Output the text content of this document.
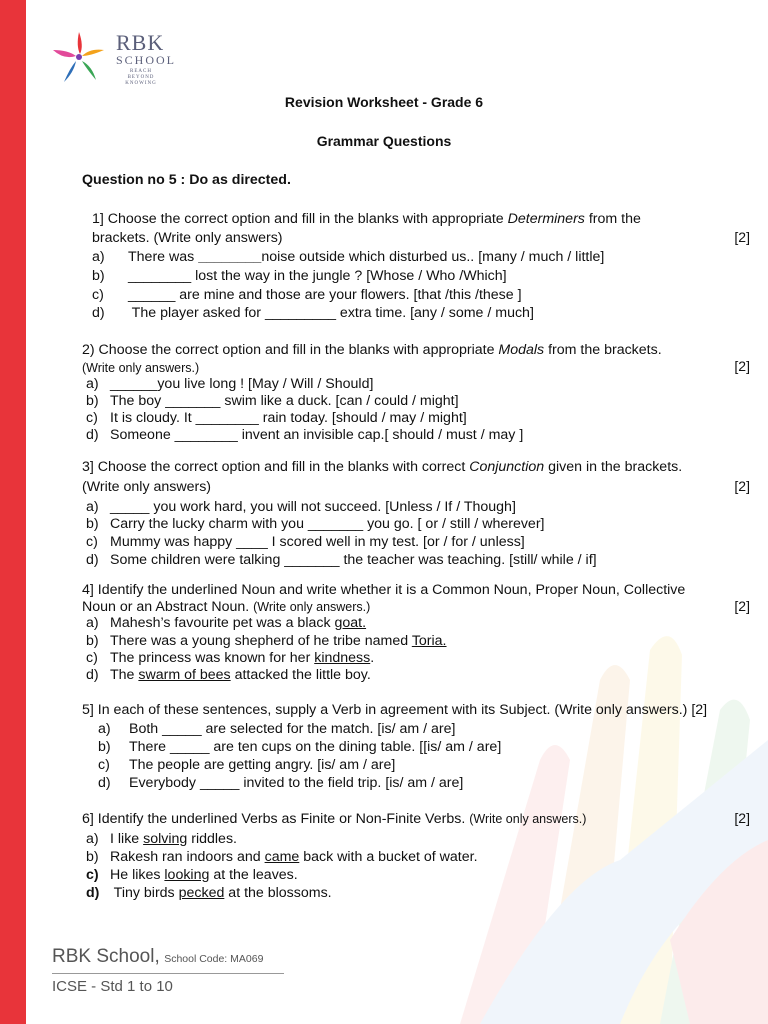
RBK
SCHOOL
REACH BEYOND KNOWING
Revision Worksheet - Grade 6
Grammar Questions
Question no 5 : Do as directed.
1] Choose the correct option and fill in the blanks with appropriate Determiners from the
brackets. (Write only answers)	[2]
a) There was ________noise outside which disturbed us.. [many / much / little]
b) ________ lost the way in the jungle ? [Whose / Who /Which]
c) ______ are mine and those are your flowers. [that /this /these ]
d) The player asked for _________ extra time. [any / some / much]
2) Choose the correct option and fill in the blanks with appropriate Modals from the brackets.
(Write only answers.)	[2]
a) ______you live long ! [May / Will / Should]
b) The boy _______ swim like a duck. [can / could / might]
c) It is cloudy. It ________ rain today. [should / may / might]
d) Someone ________ invent an invisible cap.[ should / must / may ]
3] Choose the correct option and fill in the blanks with correct Conjunction given in the brackets.
(Write only answers)	[2]
a) _____ you work hard, you will not succeed. [Unless / If / Though]
b) Carry the lucky charm with you _______ you go. [ or / still / wherever]
c) Mummy was happy ____ I scored well in my test. [or / for / unless]
d) Some children were talking _______ the teacher was teaching. [still/ while / if]
4] Identify the underlined Noun and write whether it is a Common Noun, Proper Noun, Collective
Noun or an Abstract Noun. (Write only answers.)	[2]
a) Mahesh’s favourite pet was a black goat.
b) There was a young shepherd of he tribe named Toria.
c) The princess was known for her kindness.
d) The swarm of bees attacked the little boy.
5] In each of these sentences, supply a Verb in agreement with its Subject. (Write only answers.) [2]
a) Both _____ are selected for the match. [is/ am / are]
b) There _____ are ten cups on the dining table. [[is/ am / are]
c) The people are getting angry. [is/ am / are]
d) Everybody _____ invited to the field trip. [is/ am / are]
6] Identify the underlined Verbs as Finite or Non-Finite Verbs. (Write only answers.)	[2]
a) I like solving riddles.
b) Rakesh ran indoors and came back with a bucket of water.
c) He likes looking at the leaves.
d) Tiny birds pecked at the blossoms.
RBK School, School Code: MA069
ICSE - Std 1 to 10
